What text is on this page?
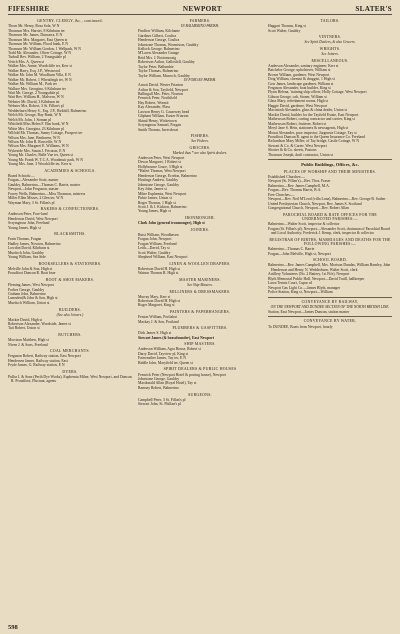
FIFESHIRE	NEWPORT	SLATER'S
GENTRY, CLERGY, &c., continued.

Thorn Mr. Henry, Rosa Sola, W N

Thomson Mrs. Harriet, 8 Kilnburn ter

Thomson Mr. James, Duncarra, E N

Thomson Mrs. Margaret, East Queen st

Thomson Mr. William, Flood bank, E N

Thomson Mr. William Gordon, 1 Wellpark, W N

Todd Mr. Alexander, Oliver Cottage, W N

Turbull Rev. William, 2 Youngsdale pl

Veitch Mrs. A. Queen st

Walker Mrs. Annie, Woodcliffe ter, Kerr st

Walker Harry, Esq. J.P., Westwood

Walker Mr. John M. Woodburn Villa, E N

Walker Mr. Robert, 1 Wheatleigh ter, W N

Walker Mr. William M., Park ter

Wallace Mrs. Georgina, 6 Kilnburn ter

Watt Mr. George, 2 Youngsdale pl

Watt Rev. William H., Malvern, W N

Webster Mr. David, 3 Kilnburn ter

Webster Mrs. Robert, 3 St. Fillan's pl

Wedderburn Henry S., Esq. J.P., Birkhill, Balmerino

Welch Mr. George, Bay Bank, W N

Welch Mr. John, 1 Sirman pl

Whitfield Miss Helen F. Elm bank, W N

White Mrs. Georgina, 23 Kilnburn pl

Wilfold Mr. Thomas, Sunny Cottage, Prospect ter

Wilson Mrs. Jane, Benhaven, W N

Wilson Mr. John B. Rossville, W N

Wilson Mrs. Margaret E. Williams, W N

Wykeside Mrs. Susan J. Fricaton, E N

Young Mr. Charles, Balle Vue ter, Queen st

Young Mr. Frank W. T.C.A. Woodmuir park, W N

Young Mrs. Jane, 3 Woodcliffe ter, Kerr st

ACADEMIES & SCHOOLS.

Board Schools:—

Forgan—Alexander Scott, master

Gauldry, Balmerino—Thomas C. Barrie, master

Newport—John Ferguson, master

Forrey Wells, Balmerino—Miss Thomson, mistress

Miller Ellen Misses, 2 Glen ter, W N

Wayman Mary, 3 St. Fillan's pl

BAKERS & CONFECTIONERS.

Anderson Peter, Fore-land

Henderson David, West Newport

Scrymgeour John, Freeland

Young James, High st

BLACKSMITHS.

Frain Thomas, Forgan

Hadley James, Nowton, Balmerino

Lowdon David, Kilnburn st

Murdoch John, Gauldry

Young William, Sea Side

BOOKSELLERS & STATIONERS.

Melville John & Son, High st

Proudfoot Duncan R. Boat brae

BOOT & SHOE MAKERS.

Fleming James, West Newport

Forbes George, Gauldry

Graham John, Balmerino

Lumsden(& John & Son, High st

Murdoch William, Union st

BUILDERS.
(See also Joiners.)

Mackie David, High st

Robertson Alexander, Woodside, James st

Tait Robert, Union st

BUTCHERS.

Morrison Matthew, High st

Niven J. & Sons, Freeland

COAL MERCHANTS.

Ferguson Robert, Railway station, East Newport

Hendersen James, Railway station, East

Fryde James, G. Railway station, E N

DYERS.

Pullar J. & Sons (Perth Dye Works), Euphemia Milne, West Newport, and Duncan R. Proudfoot, Fluctuat, agents

FARMERS.
IN BALMERINO PARISH.

Findlow William, Kilchanie

Gardiner Gilbert, Coultra

Henderson George, Coultra

Johnstone Thomas, Wormiston, Gauldry

Kellock George, Balmerino

M'Laren Alexander Grange

Reid Mrs. J. Bottomcraig

Robertson Arthur, Galloshill, Gauldry

Taylor Peter, Ballumbie

Taylor Thomas, Balmerino

Taylor William, Murroch, Gauldry

IN FORGAN PARISH.

Arnott David, Wester Friarton

Arthur & Son, Tayfield, Newport

Ballingall Mrs. Peter, Nowton

Fenwick Peter, Northfield

Hay Robert, Wormit

Kay Alexander, Flass

Lawson Henry G. Causeway head

Gliphant William, Easter Friarton

Skinal Henry, Wicketown

Scrymgeour Samuel, Forgan

Smith Thomas, Inverdovat

FISHERS.
See Fishers.
GROCERS.
Marked thus * are also Spirit dealers.

Anderson Peter, West Newport

Dewar Margaret, 1 Robert st

Hollybourne Grace, 3 High st

*Hafert Thomas, West Newport

Henderson George, Errelon, Balmerino

Hostings Andrew, Gauldry

Johnstone George, Gauldry

Key John, James st

Milne Euphemia, West Newport

Pirkie James, Union st

Roger Thomas, 1 High st

Scott J. & J. Kirkton, Balmerino

Young James, High st

IRONMONGER.

Clark John (general ironmonger), High st

JOINERS.

Buist William, Woodhaven

Forgan John, Newport

Forgan William, Freeland

Leith—David, Tay st

Scott Walter, Gauldry

Shepherd William, East Newport

LINEN & WOOLLEN DRAPERS.

Robertson David H. High st

Watson Thomas R. High st

MASTER MARINERS.
See Ship Masters.
MILLINERS & DRESSMAKERS.

Murray Mary, Kerr st

Robertson David H. High st

Roger Margaret, King st

PAINTERS & PAPERHANGERS.

Fenton William, Portlahai

Mackay J. & Son, Portland

PLUMBERS & GASFITTERS.

Dick James S. High st

Stewart James (& brassfounder), East Newport

SHIP MASTERS.

Anderson William, Agra House, Robert st

Darry David, Tayview pl, King st

Fairweather James, Tay ter, E N

Biddle John, Maryfield ter, Queen st

SPIRIT DEALERS & PUBLIC HOUSES

Fenwick Peter (Newport Hotel & posting house), Newport

Johnstone George, Gauldry

Macdonald Allan (Royal Hotel), Tay st

Ramsay Robert, Balmerino

SURGEONS.

Campbell Peter, 3 St. Fillan's pl

Stewart John, St. Phillan's pl

TAILORS.

Haggart Thomas, King st

Scott Walter, Gauldry

VINTNERS.
See Spirit Dealers, & also Grocers.
WRIGHTS.
See Joiners.
MISCELLANEOUS.

Anderson Alexander, sanitary engineer, Kerr st

Batchelor George, upholsterer, William st

Brown William, gardener, West Newport

Doig William, chemist & druggist, 1 High st

Gow James, landscape gardener, William st

Ferguson Alexander, boat builder, King st

Flynn Helena, 'training ship officer, Holly Cottage, West Newport

Gibson George, cab, Stoner, William st

Glass Mary, refreshment rooms, High st

Haggie David, gardener, West Newport

Macintosh Alexander, glass & china dealer, Union st

Mackie David, builder for the Tayfield Estate, East Newport

Mathewson Robert, carting contractor and carrier, King st

Mathewson Robert, fruiterer, Robert st

Meryl Jane S. Hein, stationers & newsagents, High st

Mouat Alexander, poor inspector, Jurgensie Cottage, Tay st

Proudfoot Duncan R. agent to the Queen Insurance Co. Freeland

Richardson Mary Miller, of Tay bridge, Castle Cottage, W N

Stewart & Co. & Carter, West Newport

Shorter & & Co. sheets, Pastons

Thomson Joseph, draft contractor, Union st

Public Buildings, Offices, &c.
PLACES OF WORSHIP AND THEIR MINISTERS.

Established Churches:—

Newport (St. Fillan's)—Rev. Thos. Fraser

Balmerino—Rev. James Campbell, M.A.

Forgan—Rev. Thomas Harris, B.A.

Free Churches:—

Newport—Rev. Neil M'Leod (villa Lona), Balmerino—Rev. George B. Suther

United Presbyterian Church, Newport, Rev. James S. Scotland

Congregational Church, Newport—Rev. Robert Allan

PAROCHIAL BOARD & RATE OFFICES FOR THE UNDERNOTED PARISHES:—

Balmerino—Walter Scott, inspector & collector

Forgan (St. Fillan's pl), Newport—Alexander Scott, chairman of Parochial Board and Local Authority; Frederick J. Kemp, clerk, inspector & collector

REGISTRAR OF BIRTHS, MARRIAGES AND DEATHS FOR THE FOLLOWING PARISHES:—

Balmerino—Thomas C. Barrie

Forgan—John Melville, High st, Newport

SCHOOL BOARD.

Balmerino—Rev. James Campbell, Mrs. Morison Dundas, William Barnley, John Henderson and Henry N. Wedderburn, Walter Scott, clerk

Artillery Volunteers (No. 2 Battery, 1st Fife), Newport

Blyth Memorial Public Hall, Newport—David Traill, hallkeeper

Lawn Tennis Court, Cupar rd

Newport Gas Light Co.—James Blyth, manager

Police Station, King st, Newport—William

CONVEYANCE BY RAILWAY,
ON THE NEWPORT AND DUNDEE SECTION OF THE NORTH BRITISH LINE.

Station, East Newport—James Duncan, station master

CONVEYANCE BY WATER,

To DUNDEE, Boats from Newport, hourly

598
